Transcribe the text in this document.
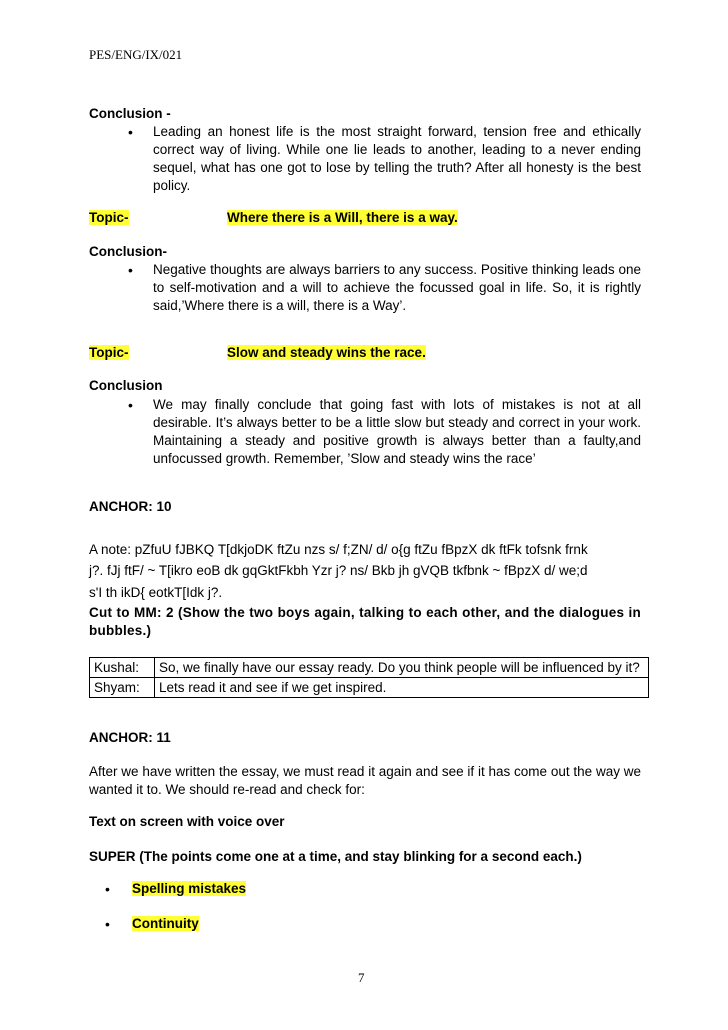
PES/ENG/IX/021
Conclusion -
• Leading an honest life is the most straight forward, tension free and ethically correct way of living. While one lie leads to another, leading to a never ending sequel, what has one got to lose by telling the truth? After all honesty is the best policy.
Topic-	Where there is a Will, there is a way.
Conclusion-
• Negative thoughts are always barriers to any success. Positive thinking leads one to self-motivation and a will to achieve the focussed goal in life. So, it is rightly said,’Where there is a will, there is a Way’.
Topic-	Slow and steady wins the race.
Conclusion
• We may finally conclude that going fast with lots of mistakes is not at all desirable. It’s always better to be a little slow but steady and correct in your work. Maintaining a steady and positive growth is always better than a faulty,and unfocussed growth. Remember, ’Slow and steady wins the race’
ANCHOR: 10
A note: pZfuU fJBKQ T[dkjoDK ftZu nzs s/ f;ZN/ d/ o{g ftZu fBpzX dk ftFk tofsnk frnk
j?. fJj ftF/ ~ T[ikro eoB dk gqGktFkbh Yzr j? ns/ Bkb jh gVQB tkfbnk ~ fBpzX d/ we;d
s'I th ikD{ eotkT[Idk j?.
Cut to MM: 2 (Show the two boys again, talking to each other, and the dialogues in bubbles.)
Kushal:	So, we finally have our essay ready. Do you think people will be influenced by it?
Shyam:	Lets read it and see if we get inspired.
ANCHOR: 11
After we have written the essay, we must read it again and see if it has come out the way we wanted it to. We should re-read and check for:
Text on screen with voice over
SUPER (The points come one at a time, and stay blinking for a second each.)
• Spelling mistakes
• Continuity
7
